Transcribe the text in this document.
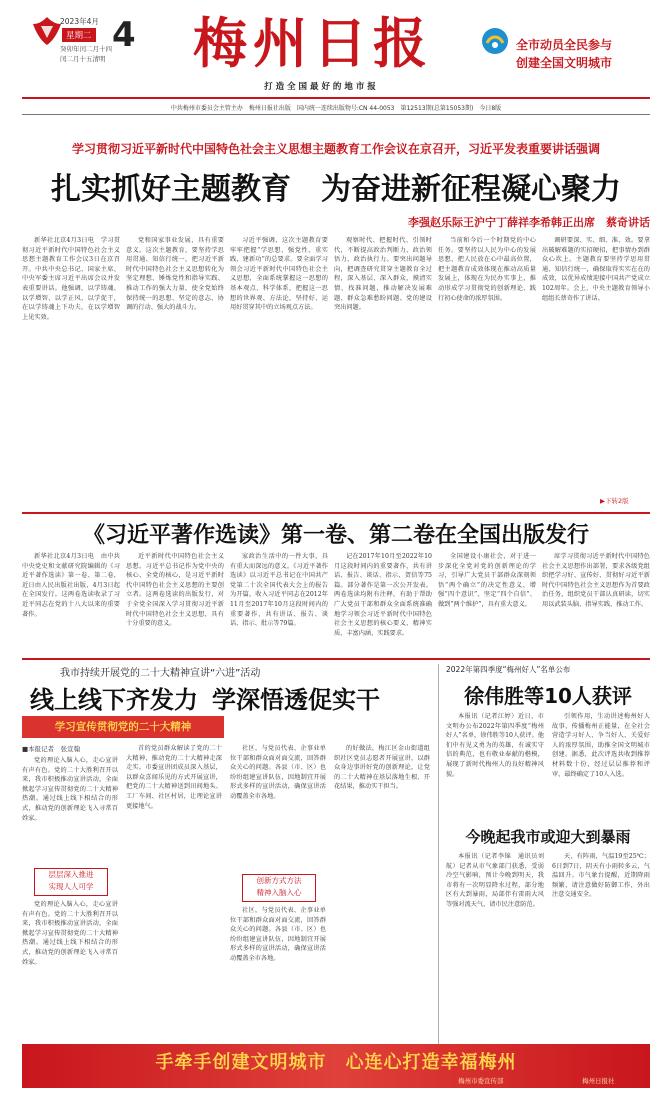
2023年4月
星期二 4
癸卯年闰二月十四
闰二月十五清明 梅州日报
打 造 全 国 最 好 的 地 市 报
全市动员全民参与
创建全国文明城市
中共梅州市委员会主管主办　梅州日报社出版　国内统一连续出版物号:CN 44-0053　第12513期(总第15053期)　今日8版
学习贯彻习近平新时代中国特色社会主义思想主题教育工作会议在京召开，习近平发表重要讲话强调
扎实抓好主题教育　为奋进新征程凝心聚力
李强赵乐际王沪宁丁薛祥李希韩正出席　蔡奇讲话

新华社北京4月3日电　学习贯彻习近平新时代中国特色社会主义思想主题教育工作会议3日在京召开。中共中央总书记、国家主席、中央军委主席习近平出席会议并发表重要讲话。他强调，以学铸魂、以学增智、以学正风、以学促干，在以学铸魂上下功夫，在以学增智上见实效。

党和国家事业发展，具有重要意义。这次主题教育，要坚持学思用贯通、知信行统一，把习近平新时代中国特色社会主义思想转化为坚定理想、锤炼党性和指导实践、推动工作的强大力量，使全党始终保持统一的思想、坚定的意志、协调的行动、强大的战斗力。

习近平强调，这次主题教育要牢牢把握“学思想、强党性、重实践、建新功”的总要求。要全面学习领会习近平新时代中国特色社会主义思想，全面系统掌握这一思想的基本观点、科学体系，把握这一思想的世界观、方法论，坚持好、运用好贯穿其中的立场观点方法。

观察时代、把握时代、引领时代，不断提高政治判断力、政治领悟力、政治执行力。要突出问题导向，把调查研究贯穿主题教育全过程，深入基层、深入群众，摸清实情、找准问题，推动解决发展难题、群众急难愁盼问题、党的建设突出问题。

当前和今后一个时期党的中心任务。要坚持以人民为中心的发展思想，把人民放在心中最高位置，把主题教育成效体现在推动高质量发展上，体现在为民办实事上，推动形成学习贯彻党的创新理论、践行初心使命的浓厚氛围。

调研要深、实、细、准、效。要拿出破解难题的实招硬招，把事情办到群众心坎上。主题教育要坚持学思用贯通、知信行统一，确保取得实实在在的成效，以优异成绩迎接中国共产党成立102周年。会上，中央主题教育领导小组组长蔡奇作了讲话。

▶下转2版
《习近平著作选读》第一卷、第二卷在全国出版发行

新华社北京4月3日电　由中共中央党史和文献研究院编辑的《习近平著作选读》第一卷、第二卷，近日由人民出版社出版，4月3日起在全国发行。这两卷选读收录了习近平同志在党的十八大以来的重要著作。

近平新时代中国特色社会主义思想。习近平总书记作为党中央的核心、全党的核心，是习近平新时代中国特色社会主义思想的主要创立者。这两卷选读的出版发行，对于全党全国深入学习贯彻习近平新时代中国特色社会主义思想，具有十分重要的意义。

家政治生活中的一件大事，具有重大而深远的意义。《习近平著作选读》以习近平总书记在中国共产党第二十次全国代表大会上的报告为开篇，收入习近平同志在2012年11月至2017年10月这段时间内的重要著作，共有讲话、报告、谈话、指示、批示等79篇。

记在2017年10月至2022年10月这段时间内的重要著作，共有讲话、报告、谈话、指示、贺信等75篇。部分著作是第一次公开发表。两卷选读均附有注释，有助于帮助广大党员干部和群众全面系统准确地学习领会习近平新时代中国特色社会主义思想的核心要义、精神实质、丰富内涵、实践要求。

全国建设小康社会，对于进一步深化全党对党的创新理论的学习，引导广大党员干部群众深刻领悟“两个确立”的决定性意义，增强“四个意识”、坚定“四个自信”、做到“两个维护”，具有重大意义。

席学习贯彻习近平新时代中国特色社会主义思想作出部署，要求各级党组织把学习好、宣传好、贯彻好习近平新时代中国特色社会主义思想作为首要政治任务，组织党员干部认真研读，切实用以武装头脑、指导实践、推动工作。

我市持续开展党的二十大精神宣讲“六进”活动
线上线下齐发力 学深悟透促实干
学习宣传贯彻党的二十大精神
■本报记者　张宣翰

党的理论入脑入心，走心宣讲有声有色。党的二十大胜利召开以来，我市积极推动宣讲活动，全面掀起学习宣传贯彻党的二十大精神热潮。通过线上线下相结合的形式，推动党的创新理论飞入寻常百姓家。

层层深入推进
实现人人可学

党的理论入脑入心，走心宣讲有声有色。党的二十大胜利召开以来，我市积极推动宣讲活动，全面掀起学习宣传贯彻党的二十大精神热潮。通过线上线下相结合的形式，推动党的创新理论飞入寻常百姓家。

首的党员群众解读了党的二十大精神，推动党的二十大精神走深走实。市委宣讲团成员深入基层，以群众喜闻乐见的方式开展宣讲，把党的二十大精神送到田间地头、工厂车间、社区村居，让理论宣讲更接地气。

社区，与党员代表、企事业单位干部和群众面对面交流，回答群众关心的问题。各县（市、区）也纷纷组建宣讲队伍，因地制宜开展形式多样的宣讲活动，确保宣讲活动覆盖全市各地。

创新方式方法
精神入脑入心

社区，与党员代表、企事业单位干部和群众面对面交流，回答群众关心的问题。各县（市、区）也纷纷组建宣讲队伍，因地制宜开展形式多样的宣讲活动，确保宣讲活动覆盖全市各地。

的好做法。梅江区金山街道组织社区党员志愿者开展宣讲，以群众身边事讲好党的创新理论，让党的二十大精神在基层落地生根、开花结果，推动实干担当。

2022年第四季度“梅州好人”名单公布
徐伟胜等10人获评

本报讯（记者江婷）近日，市文明办公布2022年第四季度“梅州好人”名单，徐伟胜等10人获评。他们中有见义勇为的英雄，有诚实守信的典范，也有敬业奉献的楷模，展现了新时代梅州人的良好精神风貌。

引领作用，生动讲述梅州好人故事，传播梅州正能量，在全社会营造学习好人、争当好人、关爱好人的浓厚氛围，助推全国文明城市创建。据悉，此次评选共收到推荐材料数十份，经过层层推荐和评审，最终确定了10人入选。

今晚起我市或迎大到暴雨

本报讯（记者李锦　通讯员刘航）记者从市气象部门获悉，受弱冷空气影响，预计今晚到明天，我市将有一次明显降水过程，部分地区有大到暴雨，局部伴有雷雨大风等强对流天气，请市民注意防范。

天，有阵雨，气温19至25℃；6日到7日，阴天有小雨转多云，气温回升。市气象台提醒，近期降雨频繁，请注意做好防御工作，外出注意交通安全。

手牵手创建文明城市　心连心打造幸福梅州
梅州市委宣传部	梅州日报社
